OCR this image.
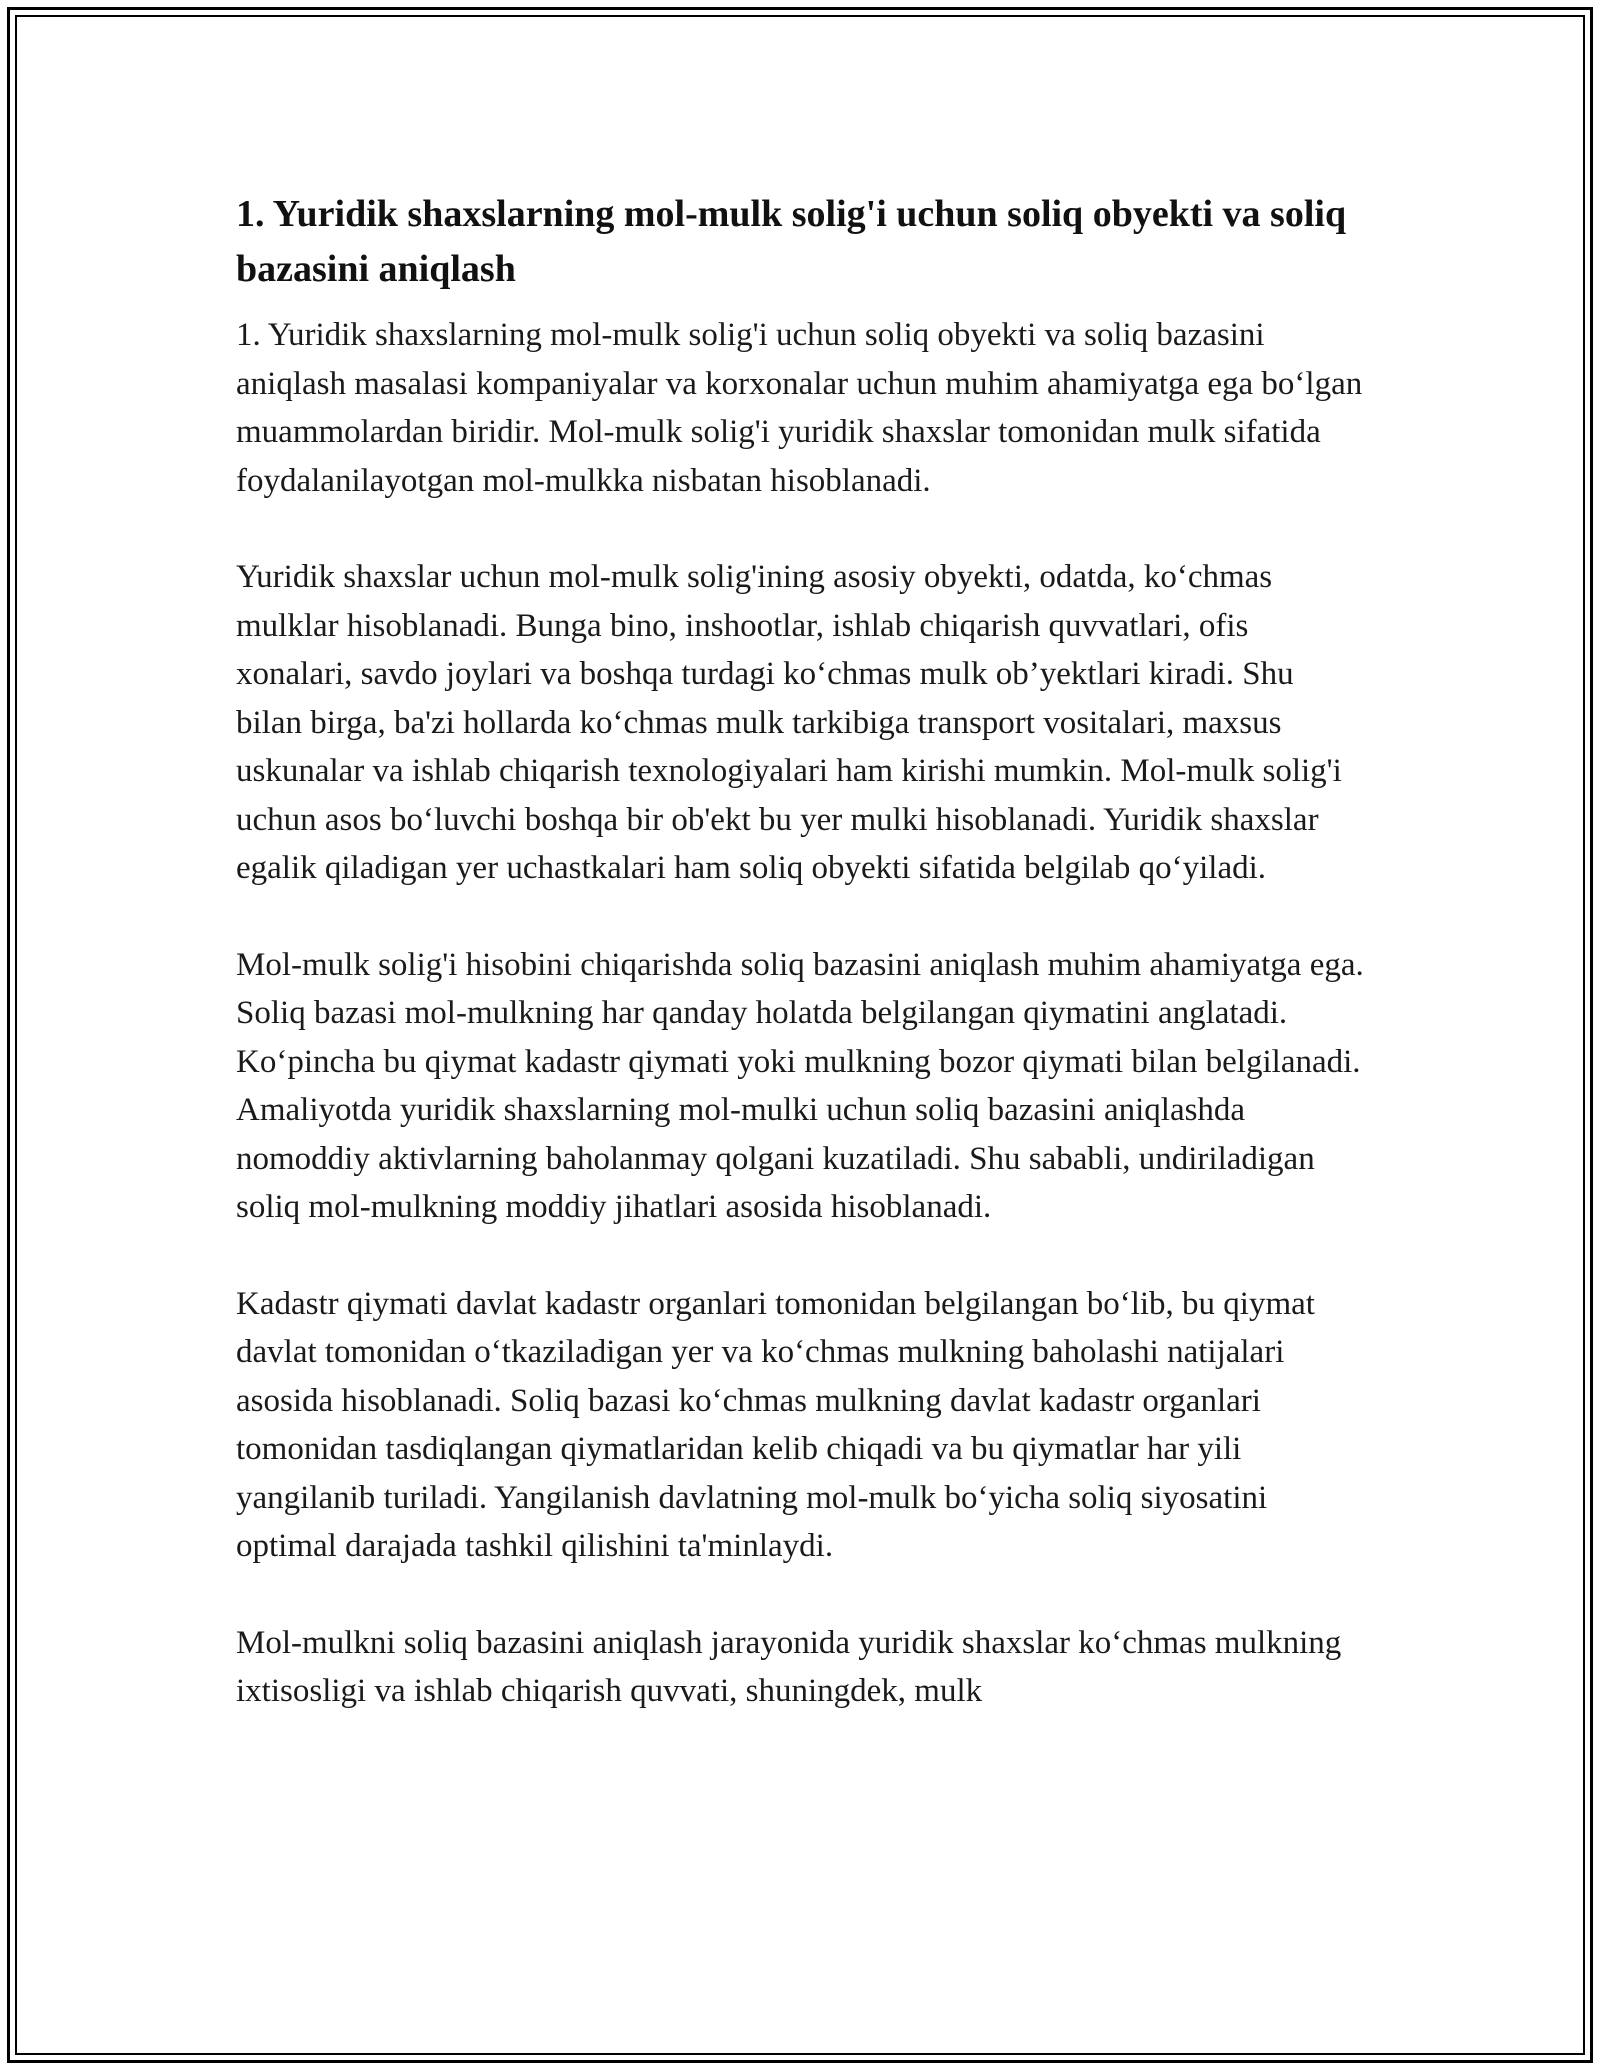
1. Yuridik shaxslarning mol-mulk solig'i uchun soliq obyekti va soliq bazasini aniqlash

1. Yuridik shaxslarning mol-mulk solig'i uchun soliq obyekti va soliq bazasini aniqlash masalasi kompaniyalar va korxonalar uchun muhim ahamiyatga ega bo‘lgan muammolardan biridir. Mol-mulk solig'i yuridik shaxslar tomonidan mulk sifatida foydalanilayotgan mol-mulkka nisbatan hisoblanadi.

Yuridik shaxslar uchun mol-mulk solig'ining asosiy obyekti, odatda, ko‘chmas mulklar hisoblanadi. Bunga bino, inshootlar, ishlab chiqarish quvvatlari, ofis xonalari, savdo joylari va boshqa turdagi ko‘chmas mulk ob’yektlari kiradi. Shu bilan birga, ba'zi hollarda ko‘chmas mulk tarkibiga transport vositalari, maxsus uskunalar va ishlab chiqarish texnologiyalari ham kirishi mumkin. Mol-mulk solig'i uchun asos bo‘luvchi boshqa bir ob'ekt bu yer mulki hisoblanadi. Yuridik shaxslar egalik qiladigan yer uchastkalari ham soliq obyekti sifatida belgilab qo‘yiladi.

Mol-mulk solig'i hisobini chiqarishda soliq bazasini aniqlash muhim ahamiyatga ega. Soliq bazasi mol-mulkning har qanday holatda belgilangan qiymatini anglatadi. Ko‘pincha bu qiymat kadastr qiymati yoki mulkning bozor qiymati bilan belgilanadi. Amaliyotda yuridik shaxslarning mol-mulki uchun soliq bazasini aniqlashda nomoddiy aktivlarning baholanmay qolgani kuzatiladi. Shu sababli, undiriladigan soliq mol-mulkning moddiy jihatlari asosida hisoblanadi.

Kadastr qiymati davlat kadastr organlari tomonidan belgilangan bo‘lib, bu qiymat davlat tomonidan o‘tkaziladigan yer va ko‘chmas mulkning baholashi natijalari asosida hisoblanadi. Soliq bazasi ko‘chmas mulkning davlat kadastr organlari tomonidan tasdiqlangan qiymatlaridan kelib chiqadi va bu qiymatlar har yili yangilanib turiladi. Yangilanish davlatning mol-mulk bo‘yicha soliq siyosatini optimal darajada tashkil qilishini ta'minlaydi.

Mol-mulkni soliq bazasini aniqlash jarayonida yuridik shaxslar ko‘chmas mulkning ixtisosligi va ishlab chiqarish quvvati, shuningdek, mulk
